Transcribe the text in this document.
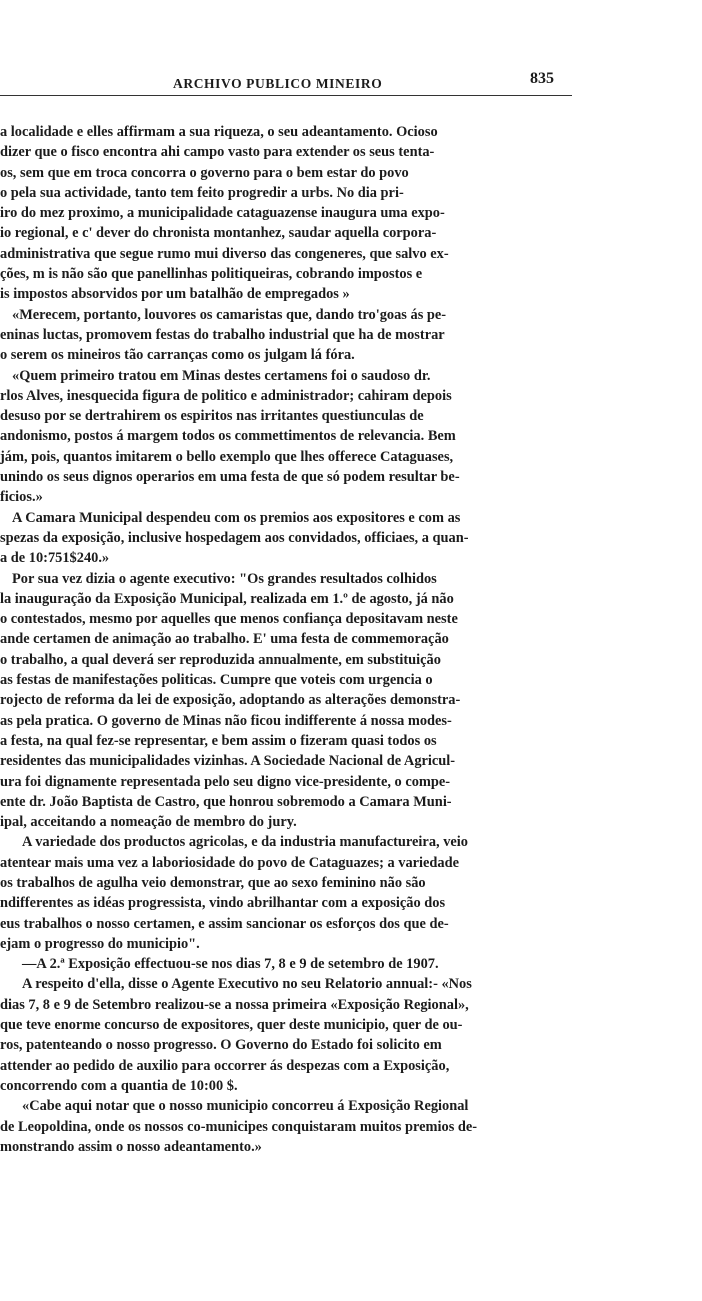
ARCHIVO PUBLICO MINEIRO	835
a localidade e elles affirmam a sua riqueza, o seu adeantamento. Ocioso
dizer que o fisco encontra ahi campo vasto para extender os seus tenta-
os, sem que em troca concorra o governo para o bem estar do povo
o pela sua actividade, tanto tem feito progredir a urbs. No dia pri-
iro do mez proximo, a municipalidade cataguazense inaugura uma expo-
io regional, e c' dever do chronista montanhez, saudar aquella corpora-
administrativa que segue rumo mui diverso das congeneres, que salvo ex-
ções, m is não são que panellinhas politiqueiras, cobrando impostos e
is impostos absorvidos por um batalhão de empregados »
«Merecem, portanto, louvores os camaristas que, dando tro'goas ás pe-
eninas luctas, promovem festas do trabalho industrial que ha de mostrar
o serem os mineiros tão carranças como os julgam lá fóra.
«Quem primeiro tratou em Minas destes certamens foi o saudoso dr.
rlos Alves, inesquecida figura de politico e administrador; cahiram depois
desuso por se dertrahirem os espiritos nas irritantes questiunculas de
andonismo, postos á margem todos os commettimentos de relevancia. Bem
jám, pois, quantos imitarem o bello exemplo que lhes offerece Cataguases,
unindo os seus dignos operarios em uma festa de que só podem resultar be-
ficios.»
A Camara Municipal despendeu com os premios aos expositores e com as
spezas da exposição, inclusive hospedagem aos convidados, officiaes, a quan-
a de 10:751$240.»
Por sua vez dizia o agente executivo: "Os grandes resultados colhidos
la inauguração da Exposição Municipal, realizada em 1.º de agosto, já não
o contestados, mesmo por aquelles que menos confiança depositavam neste
ande certamen de animação ao trabalho. E' uma festa de commemoração
o trabalho, a qual deverá ser reproduzida annualmente, em substituição
as festas de manifestações politicas. Cumpre que voteis com urgencia o
rojecto de reforma da lei de exposição, adoptando as alterações demonstra-
as pela pratica. O governo de Minas não ficou indifferente á nossa modes-
a festa, na qual fez-se representar, e bem assim o fizeram quasi todos os
residentes das municipalidades vizinhas. A Sociedade Nacional de Agricul-
ura foi dignamente representada pelo seu digno vice-presidente, o compe-
ente dr. João Baptista de Castro, que honrou sobremodo a Camara Muni-
ipal, acceitando a nomeação de membro do jury.
A variedade dos productos agricolas, e da industria manufactureira, veio
atentear mais uma vez a laboriosidade do povo de Cataguazes; a variedade
os trabalhos de agulha veio demonstrar, que ao sexo feminino não são
ndifferentes as idéas progressista, vindo abrilhantar com a exposição dos
eus trabalhos o nosso certamen, e assim sancionar os esforços dos que de-
ejam o progresso do municipio".
—A 2.ª Exposição effectuou-se nos dias 7, 8 e 9 de setembro de 1907.
A respeito d'ella, disse o Agente Executivo no seu Relatorio annual:- «Nos
dias 7, 8 e 9 de Setembro realizou-se a nossa primeira «Exposição Regional»,
que teve enorme concurso de expositores, quer deste municipio, quer de ou-
ros, patenteando o nosso progresso. O Governo do Estado foi solicito em
attender ao pedido de auxilio para occorrer ás despezas com a Exposição,
concorrendo com a quantia de 10:00 $.
«Cabe aqui notar que o nosso municipio concorreu á Exposição Regional
de Leopoldina, onde os nossos co-municipes conquistaram muitos premios de-
monstrando assim o nosso adeantamento.»
